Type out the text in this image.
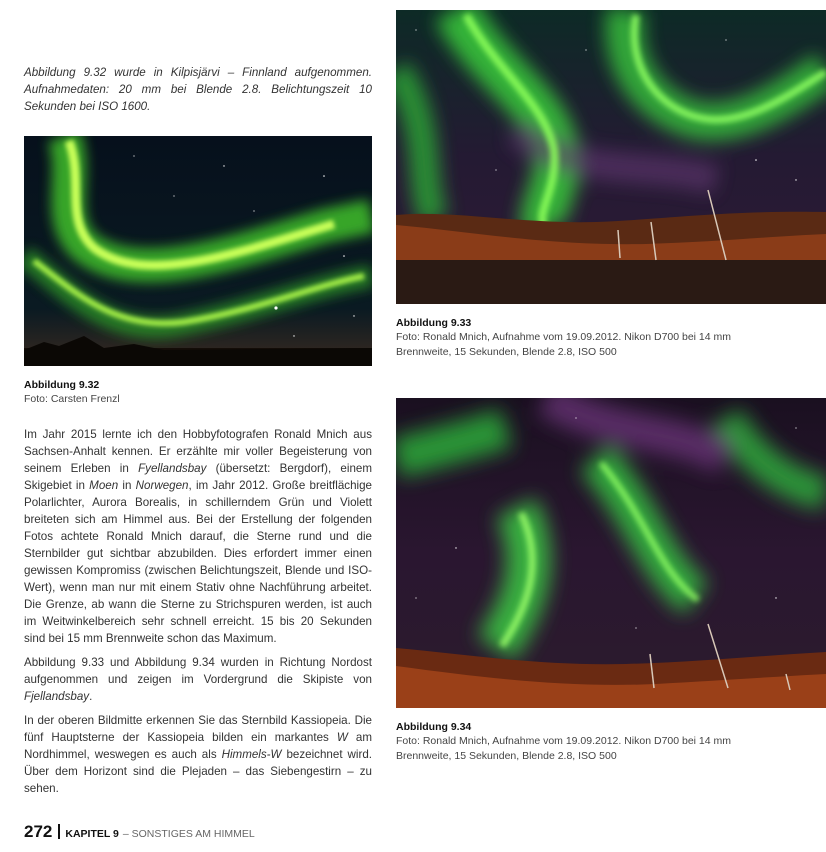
Abbildung 9.32 wurde in Kilpisjärvi – Finnland aufgenommen. Aufnahmedaten: 20 mm bei Blende 2.8. Belichtungszeit 10 Sekunden bei ISO 1600.
Abbildung 9.32
Foto: Carsten Frenzl

Im Jahr 2015 lernte ich den Hobbyfotografen Ronald Mnich aus Sachsen-Anhalt kennen. Er erzählte mir voller Begeisterung von seinem Erleben in Fyellandsbay (übersetzt: Bergdorf), einem Skigebiet in Moen in Norwegen, im Jahr 2012. Große breitflächige Polarlichter, Aurora Borealis, in schillerndem Grün und Violett breiteten sich am Himmel aus. Bei der Erstellung der folgenden Fotos achtete Ronald Mnich darauf, die Sterne rund und die Sternbilder gut sichtbar abzubilden. Dies erfordert immer einen gewissen Kompromiss (zwischen Belichtungszeit, Blende und ISO-Wert), wenn man nur mit einem Stativ ohne Nachführung arbeitet. Die Grenze, ab wann die Sterne zu Strichspuren werden, ist auch im Weitwinkelbereich sehr schnell erreicht. 15 bis 20 Sekunden sind bei 15 mm Brennweite schon das Maximum.

Abbildung 9.33 und Abbildung 9.34 wurden in Richtung Nordost aufgenommen und zeigen im Vordergrund die Skipiste von Fjellandsbay.

In der oberen Bildmitte erkennen Sie das Sternbild Kassiopeia. Die fünf Hauptsterne der Kassiopeia bilden ein markantes W am Nordhimmel, weswegen es auch als Himmels-W bezeichnet wird. Über dem Horizont sind die Plejaden – das Siebengestirn – zu sehen.

Abbildung 9.33
Foto: Ronald Mnich, Aufnahme vom 19.09.2012. Nikon D700 bei 14 mm Brennweite, 15 Sekunden, Blende 2.8, ISO 500
Abbildung 9.34
Foto: Ronald Mnich, Aufnahme vom 19.09.2012. Nikon D700 bei 14 mm Brennweite, 15 Sekunden, Blende 2.8, ISO 500
272 KAPITEL 9 – SONSTIGES AM HIMMEL
